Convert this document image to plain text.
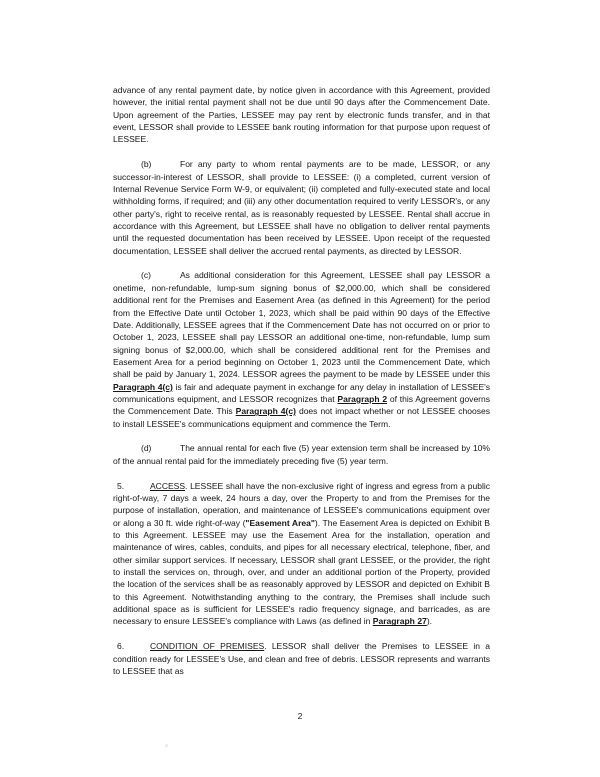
advance of any rental payment date, by notice given in accordance with this Agreement, provided however, the initial rental payment shall not be due until 90 days after the Commencement Date. Upon agreement of the Parties, LESSEE may pay rent by electronic funds transfer, and in that event, LESSOR shall provide to LESSEE bank routing information for that purpose upon request of LESSEE.

(b)	For any party to whom rental payments are to be made, LESSOR, or any successor-in-interest of LESSOR, shall provide to LESSEE: (i) a completed, current version of Internal Revenue Service Form W-9, or equivalent; (ii) completed and fully-executed state and local withholding forms, if required; and (iii) any other documentation required to verify LESSOR's, or any other party's, right to receive rental, as is reasonably requested by LESSEE. Rental shall accrue in accordance with this Agreement, but LESSEE shall have no obligation to deliver rental payments until the requested documentation has been received by LESSEE. Upon receipt of the requested documentation, LESSEE shall deliver the accrued rental payments, as directed by LESSOR.

(c)	As additional consideration for this Agreement, LESSEE shall pay LESSOR a onetime, non-refundable, lump-sum signing bonus of $2,000.00, which shall be considered additional rent for the Premises and Easement Area (as defined in this Agreement) for the period from the Effective Date until October 1, 2023, which shall be paid within 90 days of the Effective Date. Additionally, LESSEE agrees that if the Commencement Date has not occurred on or prior to October 1, 2023, LESSEE shall pay LESSOR an additional one-time, non-refundable, lump sum signing bonus of $2,000.00, which shall be considered additional rent for the Premises and Easement Area for a period beginning on October 1, 2023 until the Commencement Date, which shall be paid by January 1, 2024. LESSOR agrees the payment to be made by LESSEE under this Paragraph 4(c) is fair and adequate payment in exchange for any delay in installation of LESSEE's communications equipment, and LESSOR recognizes that Paragraph 2 of this Agreement governs the Commencement Date. This Paragraph 4(c) does not impact whether or not LESSEE chooses to install LESSEE's communications equipment and commence the Term.

(d)	The annual rental for each five (5) year extension term shall be increased by 10% of the annual rental paid for the immediately preceding five (5) year term.

5.	ACCESS. LESSEE shall have the non-exclusive right of ingress and egress from a public right-of-way, 7 days a week, 24 hours a day, over the Property to and from the Premises for the purpose of installation, operation, and maintenance of LESSEE's communications equipment over or along a 30 ft. wide right-of-way ("Easement Area"). The Easement Area is depicted on Exhibit B to this Agreement. LESSEE may use the Easement Area for the installation, operation and maintenance of wires, cables, conduits, and pipes for all necessary electrical, telephone, fiber, and other similar support services. If necessary, LESSOR shall grant LESSEE, or the provider, the right to install the services on, through, over, and under an additional portion of the Property, provided the location of the services shall be as reasonably approved by LESSOR and depicted on Exhibit B to this Agreement. Notwithstanding anything to the contrary, the Premises shall include such additional space as is sufficient for LESSEE's radio frequency signage, and barricades, as are necessary to ensure LESSEE's compliance with Laws (as defined in Paragraph 27).

6.	CONDITION OF PREMISES. LESSOR shall deliver the Premises to LESSEE in a condition ready for LESSEE's Use, and clean and free of debris. LESSOR represents and warrants to LESSEE that as

2
